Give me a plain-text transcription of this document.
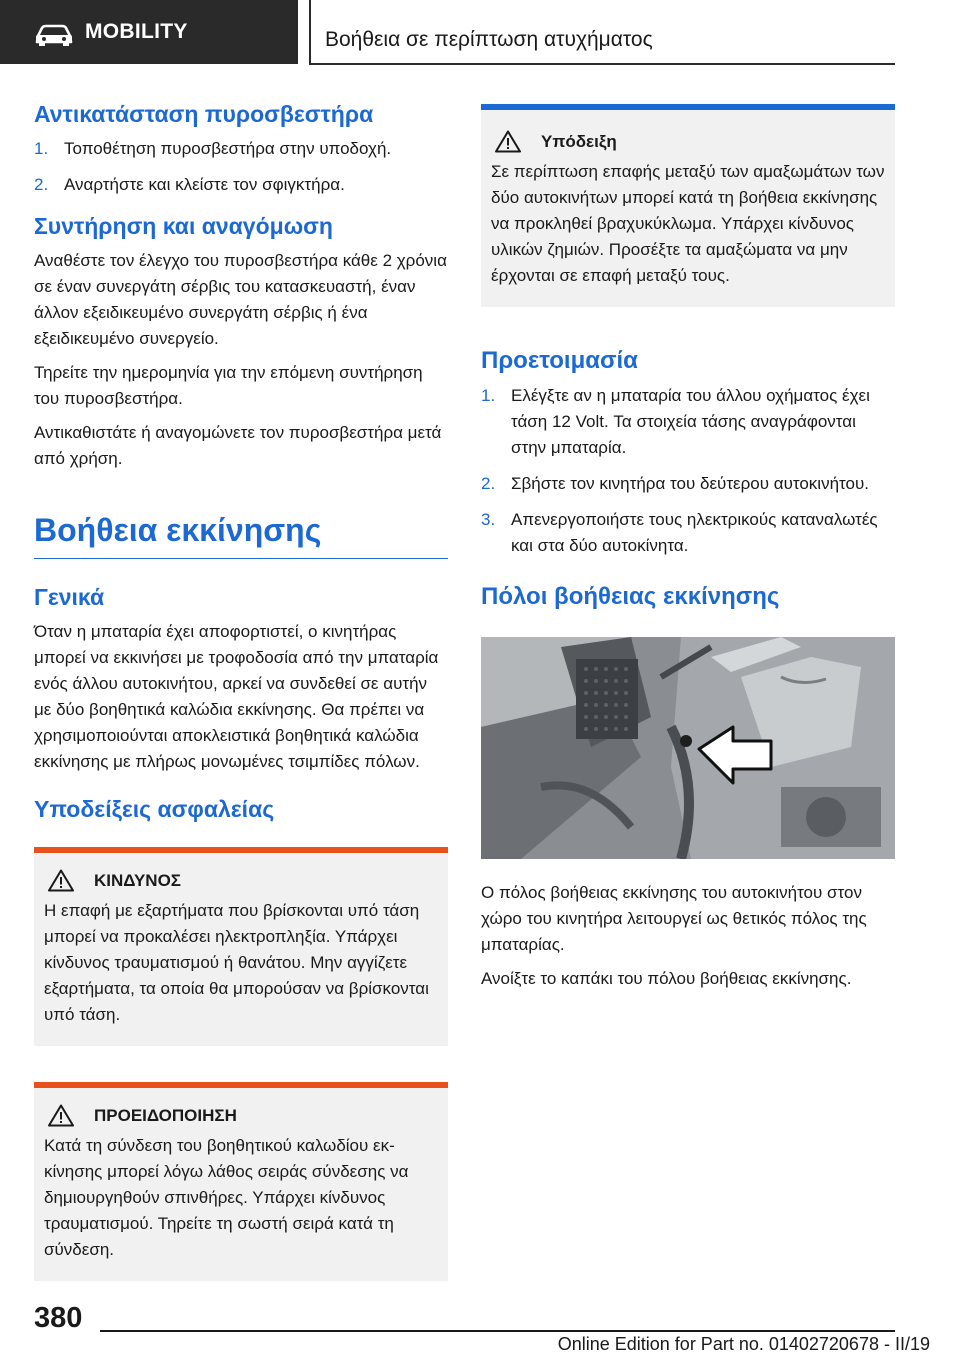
MOBILITY	Βοήθεια σε περίπτωση ατυχήματος
Αντικατάσταση πυροσβεστήρα
1. Τοποθέτηση πυροσβεστήρα στην υποδοχή.
2. Αναρτήστε και κλείστε τον σφιγκτήρα.
Συντήρηση και αναγόμωση

Αναθέστε τον έλεγχο του πυροσβεστήρα κάθε 2 χρόνια σε έναν συνεργάτη σέρβις του κατασκευαστή, έναν άλλον εξειδικευμένο συνεργάτη σέρβις ή ένα εξειδικευμένο συνεργείο.

Τηρείτε την ημερομηνία για την επόμενη συντήρηση του πυροσβεστήρα.

Αντικαθιστάτε ή αναγομώνετε τον πυροσβεστήρα μετά από χρήση.

Βοήθεια εκκίνησης
Γενικά

Όταν η μπαταρία έχει αποφορτιστεί, ο κινητήρας μπορεί να εκκινήσει με τροφοδοσία από την μπαταρία ενός άλλου αυτοκινήτου, αρκεί να συνδεθεί σε αυτήν με δύο βοηθητικά καλώδια εκκίνησης. Θα πρέπει να χρησιμοποιούνται αποκλειστικά βοηθητικά καλώδια εκκίνησης με πλήρως μονωμένες τσιμπίδες πόλων.

Υποδείξεις ασφαλείας
ΚΙΝΔΥΝΟΣ

Η επαφή με εξαρτήματα που βρίσκονται υπό τάση μπορεί να προκαλέσει ηλεκτροπληξία. Υπάρχει κίνδυνος τραυματισμού ή θανάτου. Μην αγγίζετε εξαρτήματα, τα οποία θα μπορούσαν να βρίσκονται υπό τάση.

ΠΡΟΕΙΔΟΠΟΙΗΣΗ

Κατά τη σύνδεση του βοηθητικού καλωδίου εκκίνησης μπορεί λόγω λάθος σειράς σύνδεσης να δημιουργηθούν σπινθήρες. Υπάρχει κίνδυνος τραυματισμού. Τηρείτε τη σωστή σειρά κατά τη σύνδεση.

Υπόδειξη

Σε περίπτωση επαφής μεταξύ των αμαξωμάτων των δύο αυτοκινήτων μπορεί κατά τη βοήθεια εκκίνησης να προκληθεί βραχυκύκλωμα. Υπάρχει κίνδυνος υλικών ζημιών. Προσέξτε τα αμαξώματα να μην έρχονται σε επαφή μεταξύ τους.

Προετοιμασία
1. Ελέγξτε αν η μπαταρία του άλλου οχήματος έχει τάση 12 Volt. Τα στοιχεία τάσης αναγράφονται στην μπαταρία.
2. Σβήστε τον κινητήρα του δεύτερου αυτοκινήτου.
3. Απενεργοποιήστε τους ηλεκτρικούς καταναλωτές και στα δύο αυτοκίνητα.
Πόλοι βοήθειας εκκίνησης

Ο πόλος βοήθειας εκκίνησης του αυτοκινήτου στον χώρο του κινητήρα λειτουργεί ως θετικός πόλος της μπαταρίας.

Ανοίξτε το καπάκι του πόλου βοήθειας εκκίνησης.

380
Online Edition for Part no. 01402720678 - II/19
